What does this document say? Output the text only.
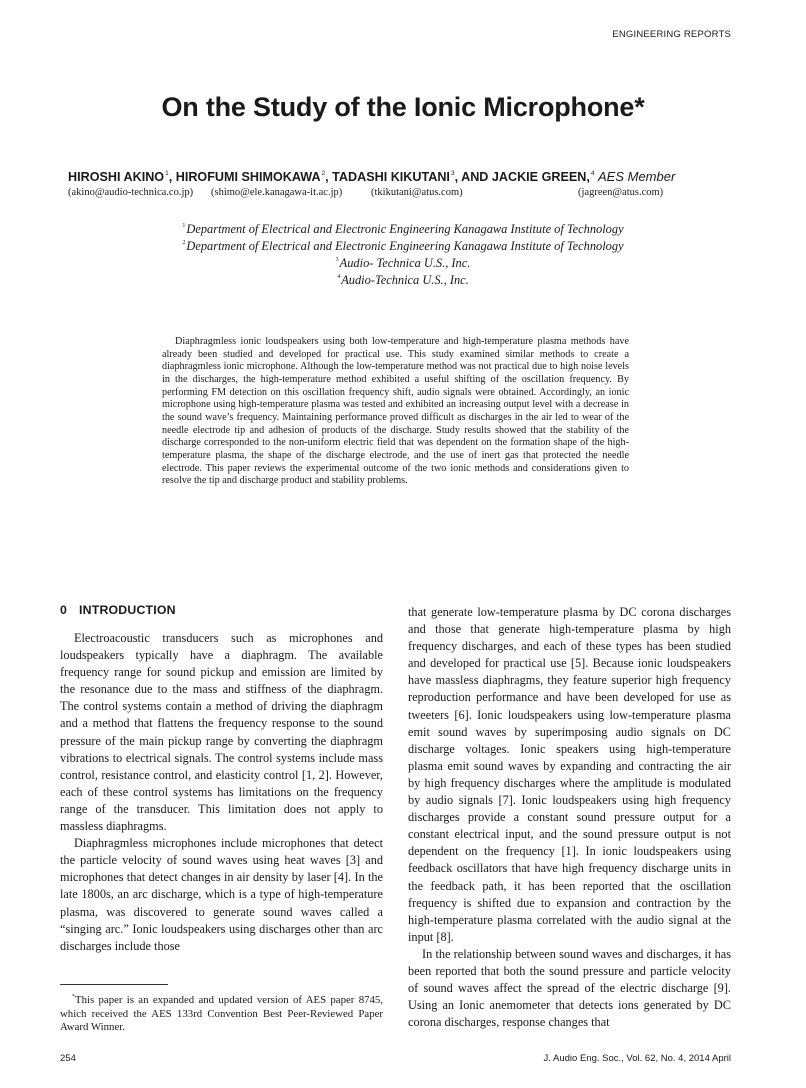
ENGINEERING REPORTS
On the Study of the Ionic Microphone*
HIROSHI AKINO$^1$, HIROFUMI SHIMOKAWA$^2$, TADASHI KIKUTANI$^3$, AND JACKIE GREEN,$^4$ AES Member
(akino@audio-technica.co.jp) (shimo@ele.kanagawa-it.ac.jp)	(tkikutani@atus.com)	(jagreen@atus.com)
$^1$Department of Electrical and Electronic Engineering Kanagawa Institute of Technology
$^2$Department of Electrical and Electronic Engineering Kanagawa Institute of Technology
$^3$Audio- Technica U.S., Inc.
$^4$Audio-Technica U.S., Inc.

Diaphragmless ionic loudspeakers using both low-temperature and high-temperature plasma methods have already been studied and developed for practical use. This study examined similar methods to create a diaphragmless ionic microphone. Although the low-temperature method was not practical due to high noise levels in the discharges, the high-temperature method exhibited a useful shifting of the oscillation frequency. By performing FM detection on this oscillation frequency shift, audio signals were obtained. Accordingly, an ionic microphone using high-temperature plasma was tested and exhibited an increasing output level with a decrease in the sound wave’s frequency. Maintaining performance proved difficult as discharges in the air led to wear of the needle electrode tip and adhesion of products of the discharge. Study results showed that the stability of the discharge corresponded to the non-uniform electric field that was dependent on the formation shape of the high-temperature plasma, the shape of the discharge electrode, and the use of inert gas that protected the needle electrode. This paper reviews the experimental outcome of the two ionic methods and considerations given to resolve the tip and discharge product and stability problems.

0 INTRODUCTION

Electroacoustic transducers such as microphones and loudspeakers typically have a diaphragm. The available frequency range for sound pickup and emission are limited by the resonance due to the mass and stiffness of the diaphragm. The control systems contain a method of driving the diaphragm and a method that flattens the frequency response to the sound pressure of the main pickup range by converting the diaphragm vibrations to electrical signals. The control systems include mass control, resistance control, and elasticity control [1, 2]. However, each of these control systems has limitations on the frequency range of the transducer. This limitation does not apply to massless diaphragms.

Diaphragmless microphones include microphones that detect the particle velocity of sound waves using heat waves [3] and microphones that detect changes in air density by laser [4]. In the late 1800s, an arc discharge, which is a type of high-temperature plasma, was discovered to generate sound waves called a “singing arc.” Ionic loudspeakers using discharges other than arc discharges include those

that generate low-temperature plasma by DC corona discharges and those that generate high-temperature plasma by high frequency discharges, and each of these types has been studied and developed for practical use [5]. Because ionic loudspeakers have massless diaphragms, they feature superior high frequency reproduction performance and have been developed for use as tweeters [6]. Ionic loudspeakers using low-temperature plasma emit sound waves by superimposing audio signals on DC discharge voltages. Ionic speakers using high-temperature plasma emit sound waves by expanding and contracting the air by high frequency discharges where the amplitude is modulated by audio signals [7]. Ionic loudspeakers using high frequency discharges provide a constant sound pressure output for a constant electrical input, and the sound pressure output is not dependent on the frequency [1]. In ionic loudspeakers using feedback oscillators that have high frequency discharge units in the feedback path, it has been reported that the oscillation frequency is shifted due to expansion and contraction by the high-temperature plasma correlated with the audio signal at the input [8].

In the relationship between sound waves and discharges, it has been reported that both the sound pressure and particle velocity of sound waves affect the spread of the electric discharge [9]. Using an Ionic anemometer that detects ions generated by DC corona discharges, response changes that

*This paper is an expanded and updated version of AES paper 8745, which received the AES 133rd Convention Best Peer-Reviewed Paper Award Winner.

254	J. Audio Eng. Soc., Vol. 62, No. 4, 2014 April
